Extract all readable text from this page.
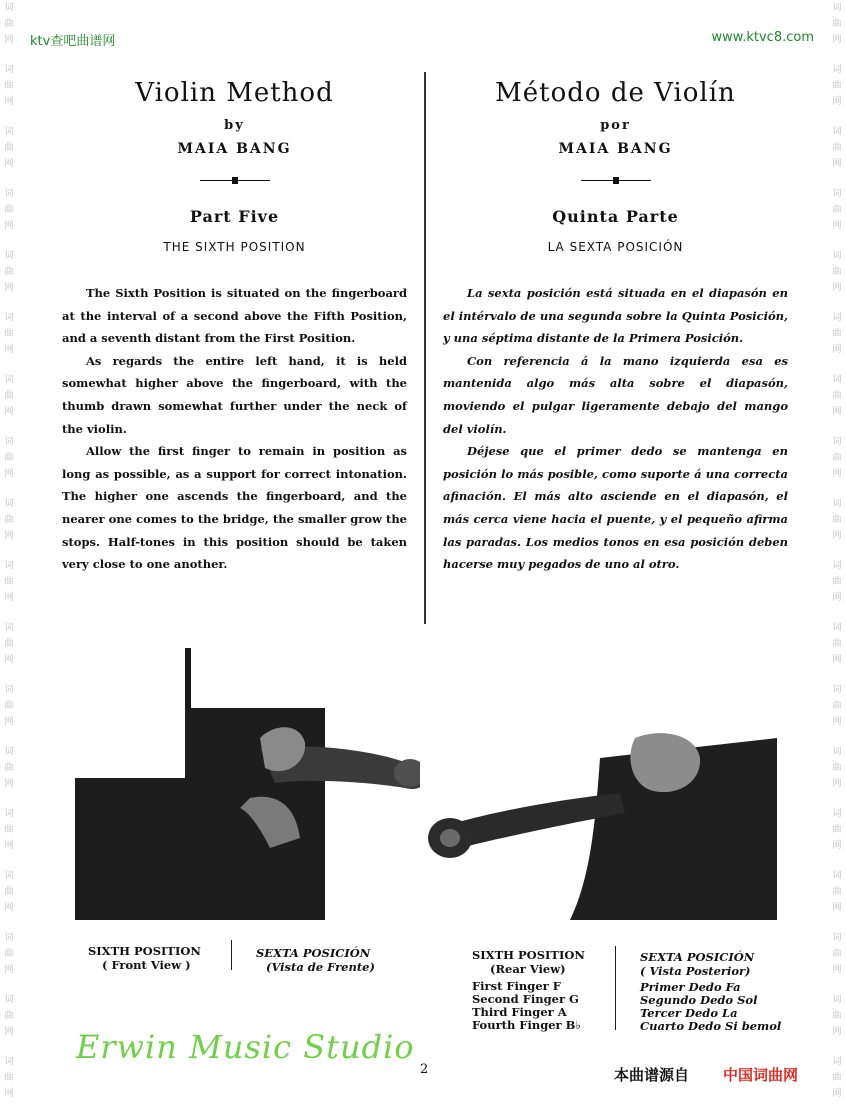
词 曲 网
词 曲 网
词 曲 网
词 曲 网
词 曲 网
词 曲 网
词 曲 网
词 曲 网
词 曲 网
词 曲 网
词 曲 网
词 曲 网
词 曲 网
词 曲 网
词 曲 网
词 曲 网
词 曲 网
词 曲 网
词 曲 网
词 曲 网
词 曲 网
词 曲 网
词 曲 网
词 曲 网
词 曲 网
词 曲 网
词 曲 网
词 曲 网
词 曲 网
词 曲 网
词 曲 网
词 曲 网
词 曲 网
词 曲 网
词 曲 网
词 曲 网
ktv查吧曲谱网	www.ktvc8.com
Violin Method
by
MAIA BANG
Part Five
THE SIXTH POSITION

The Sixth Position is situated on the fingerboard at the interval of a second above the Fifth Position, and a seventh distant from the First Position.

As regards the entire left hand, it is held somewhat higher above the fingerboard, with the thumb drawn somewhat further under the neck of the violin.

Allow the first finger to remain in position as long as possible, as a support for correct intonation. The higher one ascends the fingerboard, and the nearer one comes to the bridge, the smaller grow the stops. Half-tones in this position should be taken very close to one another.

Método de Violín
por
MAIA BANG
Quinta Parte
LA SEXTA POSICIÓN

La sexta posición está situada en el diapasón en el intérvalo de una segunda sobre la Quinta Posición, y una séptima distante de la Primera Posición.

Con referencia á la mano izquierda esa es mantenida algo más alta sobre el diapasón, moviendo el pulgar ligeramente debajo del mango del violín.

Déjese que el primer dedo se mantenga en posición lo más posible, como suporte á una correcta afinación. El más alto asciende en el diapasón, el más cerca viene hacia el puente, y el pequeño afirma las paradas. Los medios tonos en esa posición deben hacerse muy pegados de uno al otro.

SIXTH POSITION
( Front View )
SEXTA POSICIÓN
(Vista de Frente)
SIXTH POSITION
(Rear View)
SEXTA POSICIÓN
( Vista Posterior)
First Finger F
Second Finger G
Third Finger A
Fourth Finger B♭
Primer Dedo Fa
Segundo Dedo Sol
Tercer Dedo La
Cuarto Dedo Si bemol
Erwin Music Studio
2	本曲谱源自 中国词曲网
